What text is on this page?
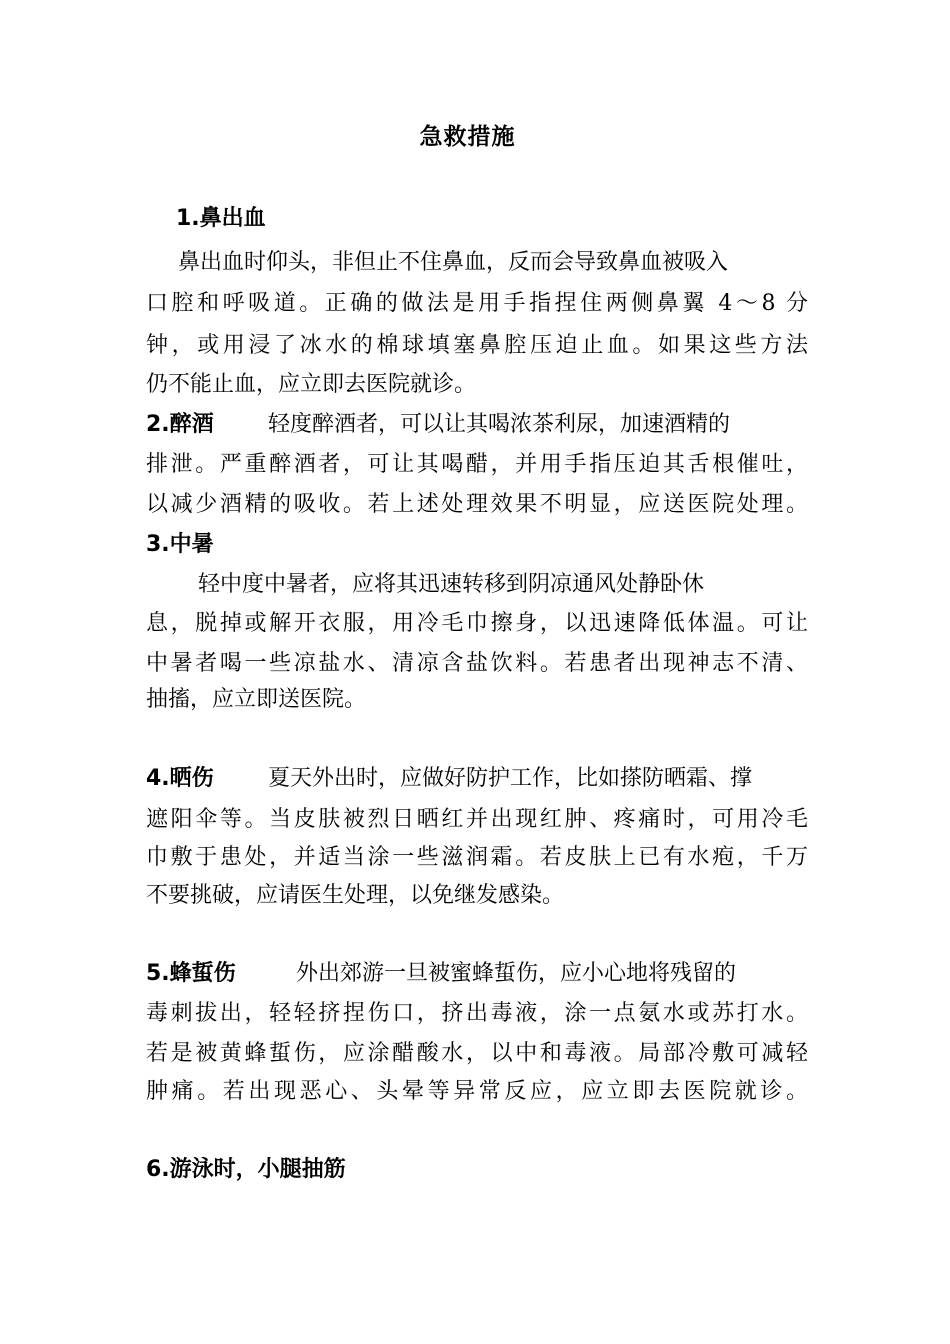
急救措施
1.鼻出血
鼻出血时仰头，非但止不住鼻血，反而会导致鼻血被吸入
口腔和呼吸道。正确的做法是用手指捏住两侧鼻翼 4～8 分
钟，或用浸了冰水的棉球填塞鼻腔压迫止血。如果这些方法
仍不能止血，应立即去医院就诊。
2.醉酒 轻度醉酒者，可以让其喝浓茶利尿，加速酒精的
排泄。严重醉酒者，可让其喝醋，并用手指压迫其舌根催吐，
以减少酒精的吸收。若上述处理效果不明显，应送医院处理。
3.中暑
轻中度中暑者，应将其迅速转移到阴凉通风处静卧休
息，脱掉或解开衣服，用冷毛巾擦身，以迅速降低体温。可让
中暑者喝一些凉盐水、清凉含盐饮料。若患者出现神志不清、
抽搐，应立即送医院。
4.晒伤 夏天外出时，应做好防护工作，比如搽防晒霜、撑
遮阳伞等。当皮肤被烈日晒红并出现红肿、疼痛时，可用冷毛
巾敷于患处，并适当涂一些滋润霜。若皮肤上已有水疱，千万
不要挑破，应请医生处理，以免继发感染。
5.蜂蜇伤	外出郊游一旦被蜜蜂蜇伤，应小心地将残留的
毒刺拔出，轻轻挤捏伤口，挤出毒液，涂一点氨水或苏打水。
若是被黄蜂蜇伤，应涂醋酸水，以中和毒液。局部冷敷可减轻
肿痛。若出现恶心、头晕等异常反应，应立即去医院就诊。
6.游泳时，小腿抽筋
